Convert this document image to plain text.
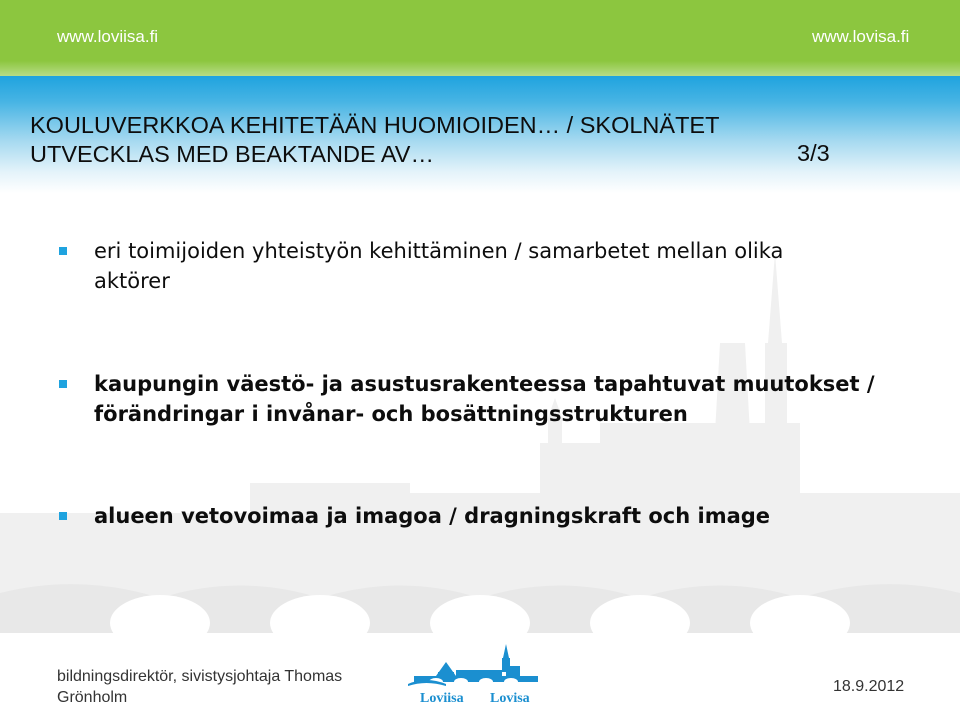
www.loviisa.fi	www.lovisa.fi
KOULUVERKKOA KEHITETÄÄN HUOMIOIDEN… / SKOLNÄTET
UTVECKLAS MED BEAKTANDE AV…	3/3
eri toimijoiden yhteistyön kehittäminen / samarbetet mellan olika
aktörer
kaupungin väestö- ja asustusrakenteessa tapahtuvat muutokset /
förändringar i invånar- och bosättningsstrukturen
alueen vetovoimaa ja imagoa / dragningskraft och image
bildningsdirektör, sivistysjohtaja Thomas
Grönholm	Loviisa Lovisa
18.9.2012
